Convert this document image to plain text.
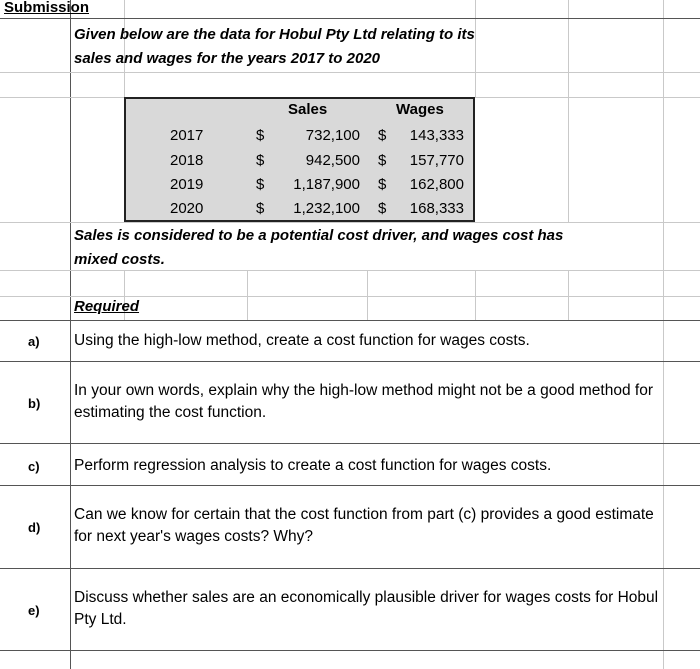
Submission
Given below are the data for Hobul Pty Ltd relating to its
sales and wages for the years 2017 to 2020
Sales	Wages
2017	$	732,100 $ 143,333
2018	$	942,500 $ 157,770
2019	$ 1,187,900 $ 162,800
2020	$ 1,232,100 $ 168,333
Sales is considered to be a potential cost driver, and wages cost has
mixed costs.
Required
a) Using the high-low method, create a cost function for wages costs.
b)
In your own words, explain why the high-low method might not be a good method for estimating the cost function.
c) Perform regression analysis to create a cost function for wages costs.
d)
Can we know for certain that the cost function from part (c) provides a good estimate for next year's wages costs? Why?
e)
Discuss whether sales are an economically plausible driver for wages costs for Hobul Pty Ltd.
